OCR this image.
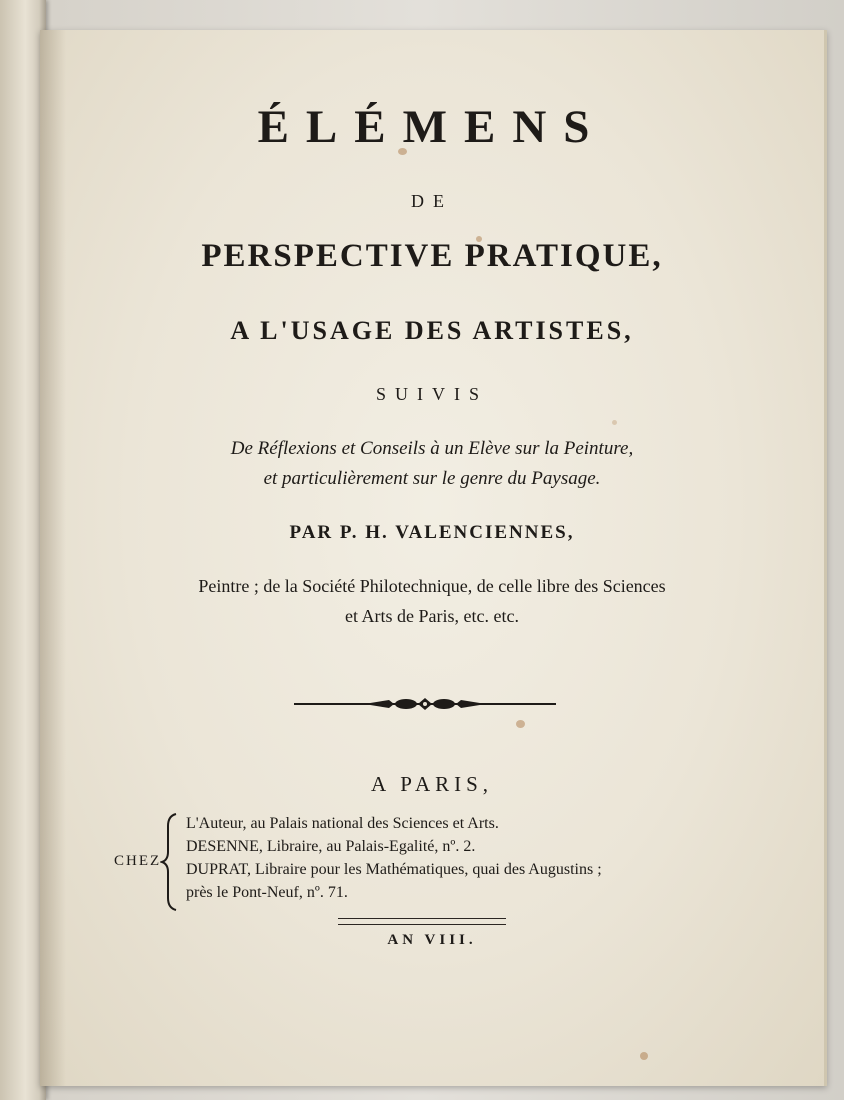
ÉLÉMENS
DE
PERSPECTIVE PRATIQUE,
A L'USAGE DES ARTISTES,
SUIVIS
De Réflexions et Conseils à un Elève sur la Peinture,
et particulièrement sur le genre du Paysage.
PAR P. H. VALENCIENNES,
Peintre ; de la Société Philotechnique, de celle libre des Sciences
et Arts de Paris, etc. etc.
A PARIS,
CHEZ
L'Auteur, au Palais national des Sciences et Arts.
DESENNE, Libraire, au Palais-Egalité, nº. 2.
DUPRAT, Libraire pour les Mathématiques, quai des Augustins ;
près le Pont-Neuf, nº. 71.
AN VIII.
